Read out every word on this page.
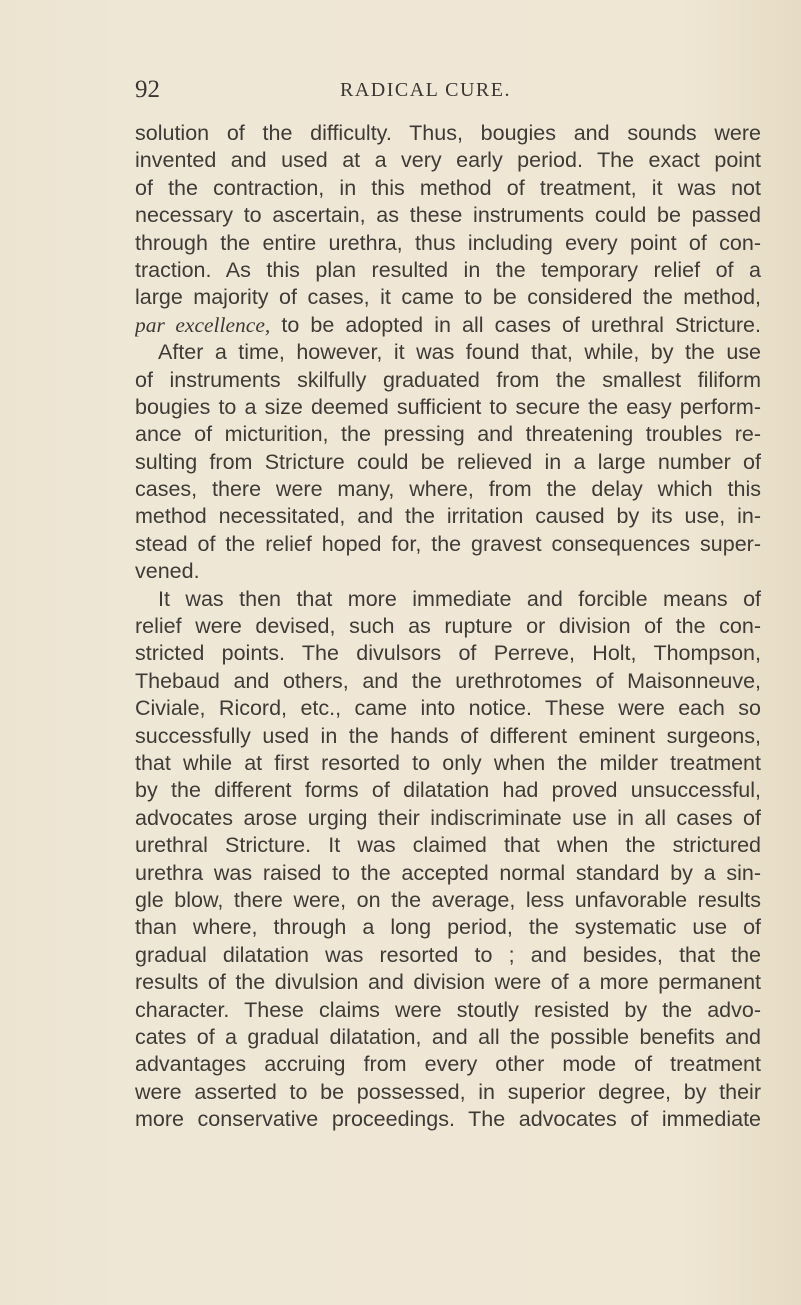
92	RADICAL CURE.
solution of the difficulty. Thus, bougies and sounds were
invented and used at a very early period. The exact point
of the contraction, in this method of treatment, it was not
necessary to ascertain, as these instruments could be passed
through the entire urethra, thus including every point of con-
traction. As this plan resulted in the temporary relief of a
large majority of cases, it came to be considered the method,
par excellence, to be adopted in all cases of urethral Stricture.
After a time, however, it was found that, while, by the use
of instruments skilfully graduated from the smallest filiform
bougies to a size deemed sufficient to secure the easy perform-
ance of micturition, the pressing and threatening troubles re-
sulting from Stricture could be relieved in a large number of
cases, there were many, where, from the delay which this
method necessitated, and the irritation caused by its use, in-
stead of the relief hoped for, the gravest consequences super-
vened.
It was then that more immediate and forcible means of
relief were devised, such as rupture or division of the con-
stricted points. The divulsors of Perreve, Holt, Thompson,
Thebaud and others, and the urethrotomes of Maisonneuve,
Civiale, Ricord, etc., came into notice. These were each so
successfully used in the hands of different eminent surgeons,
that while at first resorted to only when the milder treatment
by the different forms of dilatation had proved unsuccessful,
advocates arose urging their indiscriminate use in all cases of
urethral Stricture. It was claimed that when the strictured
urethra was raised to the accepted normal standard by a sin-
gle blow, there were, on the average, less unfavorable results
than where, through a long period, the systematic use of
gradual dilatation was resorted to ; and besides, that the
results of the divulsion and division were of a more permanent
character. These claims were stoutly resisted by the advo-
cates of a gradual dilatation, and all the possible benefits and
advantages accruing from every other mode of treatment
were asserted to be possessed, in superior degree, by their
more conservative proceedings. The advocates of immediate
